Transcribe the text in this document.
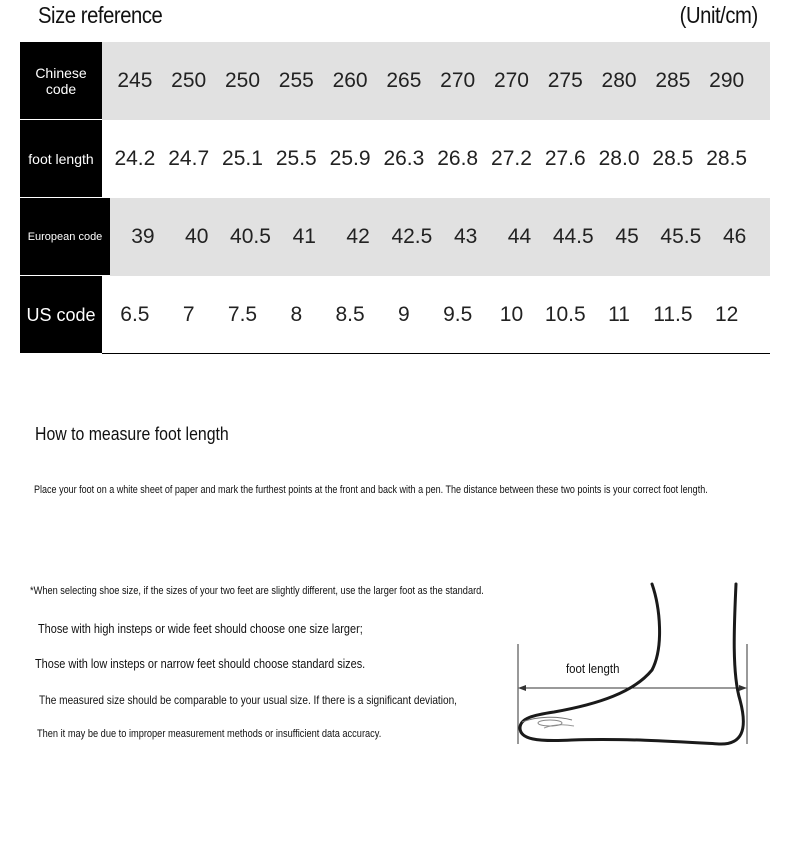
Size reference	(Unit/cm)
Chinese code	245 250 250 255 260 265 270 270 275 280 285 290
foot length 24.2 24.7 25.1 25.5 25.9 26.3 26.8 27.2 27.6 28.0 28.5 28.5
European code	39	40	40.5	41	42	42.5	43	44	44.5	45	45.5	46
US code	6.5	7	7.5	8	8.5	9	9.5	10	10.5	11	11.5	12
How to measure foot length
Place your foot on a white sheet of paper and mark the furthest points at the front and back with a pen. The distance between these two points is your correct foot length.
*When selecting shoe size, if the sizes of your two feet are slightly different, use the larger foot as the standard.
Those with high insteps or wide feet should choose one size larger;
Those with low insteps or narrow feet should choose standard sizes.
The measured size should be comparable to your usual size. If there is a significant deviation,
Then it may be due to improper measurement methods or insufficient data accuracy.
foot length
